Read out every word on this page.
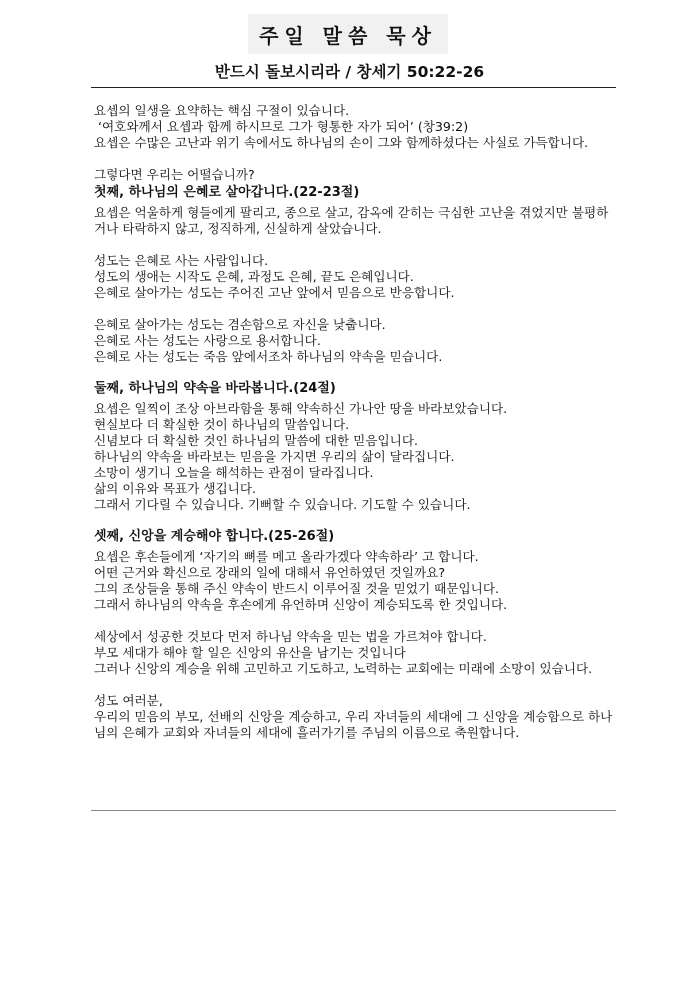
주일 말씀 묵상
반드시 돌보시리라 / 창세기 50:22-26

요셉의 일생을 요약하는 핵심 구절이 있습니다.

‘여호와께서 요셉과 함께 하시므로 그가 형통한 자가 되어’ (창39:2)

요셉은 수많은 고난과 위기 속에서도 하나님의 손이 그와 함께하셨다는 사실로 가득합니다.

그렇다면 우리는 어떨습니까?

첫째, 하나님의 은혜로 살아갑니다.(22-23절)

요셉은 억울하게 형들에게 팔리고, 종으로 살고, 감옥에 갇히는 극심한 고난을 겪었지만 불평하거나 타락하지 않고, 정직하게, 신실하게 살았습니다.

성도는 은혜로 사는 사람입니다.

성도의 생애는 시작도 은혜, 과정도 은혜, 끝도 은혜입니다.

은혜로 살아가는 성도는 주어진 고난 앞에서 믿음으로 반응합니다.

은혜로 살아가는 성도는 겸손함으로 자신을 낮춥니다.

은혜로 사는 성도는 사랑으로 용서합니다.

은혜로 사는 성도는 죽음 앞에서조차 하나님의 약속을 믿습니다.

둘째, 하나님의 약속을 바라봅니다.(24절)

요셉은 일찍이 조상 아브라함을 통해 약속하신 가나안 땅을 바라보았습니다.

현실보다 더 확실한 것이 하나님의 말씀입니다.

신념보다 더 확실한 것인 하나님의 말씀에 대한 믿음입니다.

하나님의 약속을 바라보는 믿음을 가지면 우리의 삶이 달라집니다.

소망이 생기니 오늘을 해석하는 관점이 달라집니다.

삶의 이유와 목표가 생깁니다.

그래서 기다릴 수 있습니다. 기뻐할 수 있습니다. 기도할 수 있습니다.

셋째, 신앙을 계승해야 합니다.(25-26절)

요셉은 후손들에게 ‘자기의 뼈를 메고 올라가겠다 약속하라’ 고 합니다.

어떤 근거와 확신으로 장래의 일에 대해서 유언하였던 것일까요?

그의 조상들을 통해 주신 약속이 반드시 이루어질 것을 믿었기 때문입니다.

그래서 하나님의 약속을 후손에게 유언하며 신앙이 계승되도록 한 것입니다.

세상에서 성공한 것보다 먼저 하나님 약속을 믿는 법을 가르쳐야 합니다.

부모 세대가 해야 할 일은 신앙의 유산을 남기는 것입니다

그러나 신앙의 계승을 위해 고민하고 기도하고, 노력하는 교회에는 미래에 소망이 있습니다.

성도 여러분,

우리의 믿음의 부모, 선배의 신앙을 계승하고, 우리 자녀들의 세대에 그 신앙을 계승함으로 하나님의 은혜가 교회와 자녀들의 세대에 흘러가기를 주님의 이름으로 축원합니다.
